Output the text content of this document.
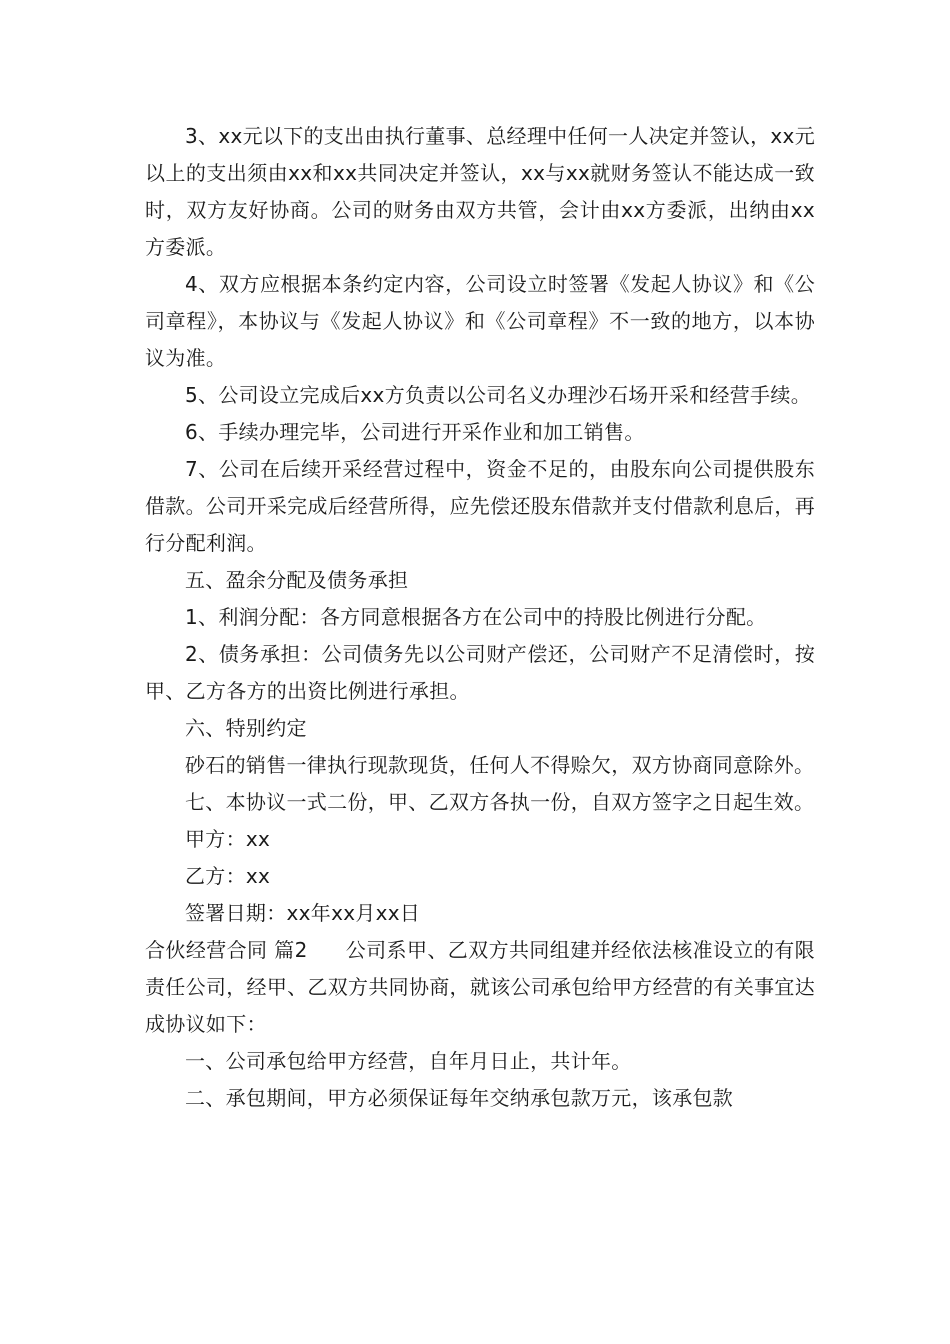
3、xx元以下的支出由执行董事、总经理中任何一人决定并签认，xx元以上的支出须由xx和xx共同决定并签认，xx与xx就财务签认不能达成一致时，双方友好协商。公司的财务由双方共管，会计由xx方委派，出纳由xx方委派。

4、双方应根据本条约定内容，公司设立时签署《发起人协议》和《公司章程》，本协议与《发起人协议》和《公司章程》不一致的地方，以本协议为准。

5、公司设立完成后xx方负责以公司名义办理沙石场开采和经营手续。

6、手续办理完毕，公司进行开采作业和加工销售。

7、公司在后续开采经营过程中，资金不足的，由股东向公司提供股东借款。公司开采完成后经营所得，应先偿还股东借款并支付借款利息后，再行分配利润。

五、盈余分配及债务承担

1、利润分配：各方同意根据各方在公司中的持股比例进行分配。

2、债务承担：公司债务先以公司财产偿还，公司财产不足清偿时，按甲、乙方各方的出资比例进行承担。

六、特别约定

砂石的销售一律执行现款现货，任何人不得赊欠，双方协商同意除外。

七、本协议一式二份，甲、乙双方各执一份，自双方签字之日起生效。

甲方：xx

乙方：xx

签署日期：xx年xx月xx日

合伙经营合同 篇2 公司系甲、乙双方共同组建并经依法核准设立的有限责任公司，经甲、乙双方共同协商，就该公司承包给甲方经营的有关事宜达成协议如下：

一、公司承包给甲方经营，自年月日止，共计年。

二、承包期间，甲方必须保证每年交纳承包款万元，该承包款
